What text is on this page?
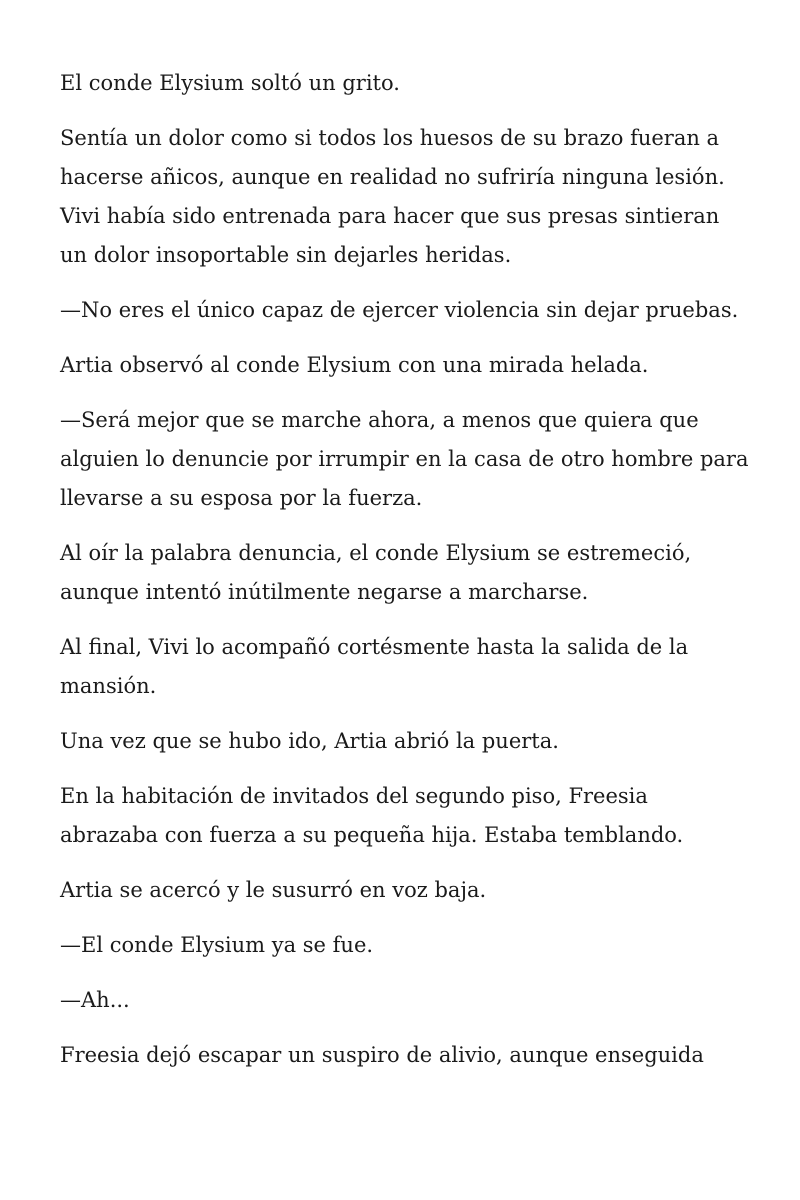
El conde Elysium soltó un grito.

Sentía un dolor como si todos los huesos de su brazo fueran a hacerse añicos, aunque en realidad no sufriría ninguna lesión. Vivi había sido entrenada para hacer que sus presas sintieran un dolor insoportable sin dejarles heridas.

—No eres el único capaz de ejercer violencia sin dejar pruebas.

Artia observó al conde Elysium con una mirada helada.

—Será mejor que se marche ahora, a menos que quiera que alguien lo denuncie por irrumpir en la casa de otro hombre para llevarse a su esposa por la fuerza.

Al oír la palabra denuncia, el conde Elysium se estremeció, aunque intentó inútilmente negarse a marcharse.

Al final, Vivi lo acompañó cortésmente hasta la salida de la mansión.

Una vez que se hubo ido, Artia abrió la puerta.

En la habitación de invitados del segundo piso, Freesia abrazaba con fuerza a su pequeña hija. Estaba temblando.

Artia se acercó y le susurró en voz baja.

—El conde Elysium ya se fue.

—Ah...

Freesia dejó escapar un suspiro de alivio, aunque enseguida
